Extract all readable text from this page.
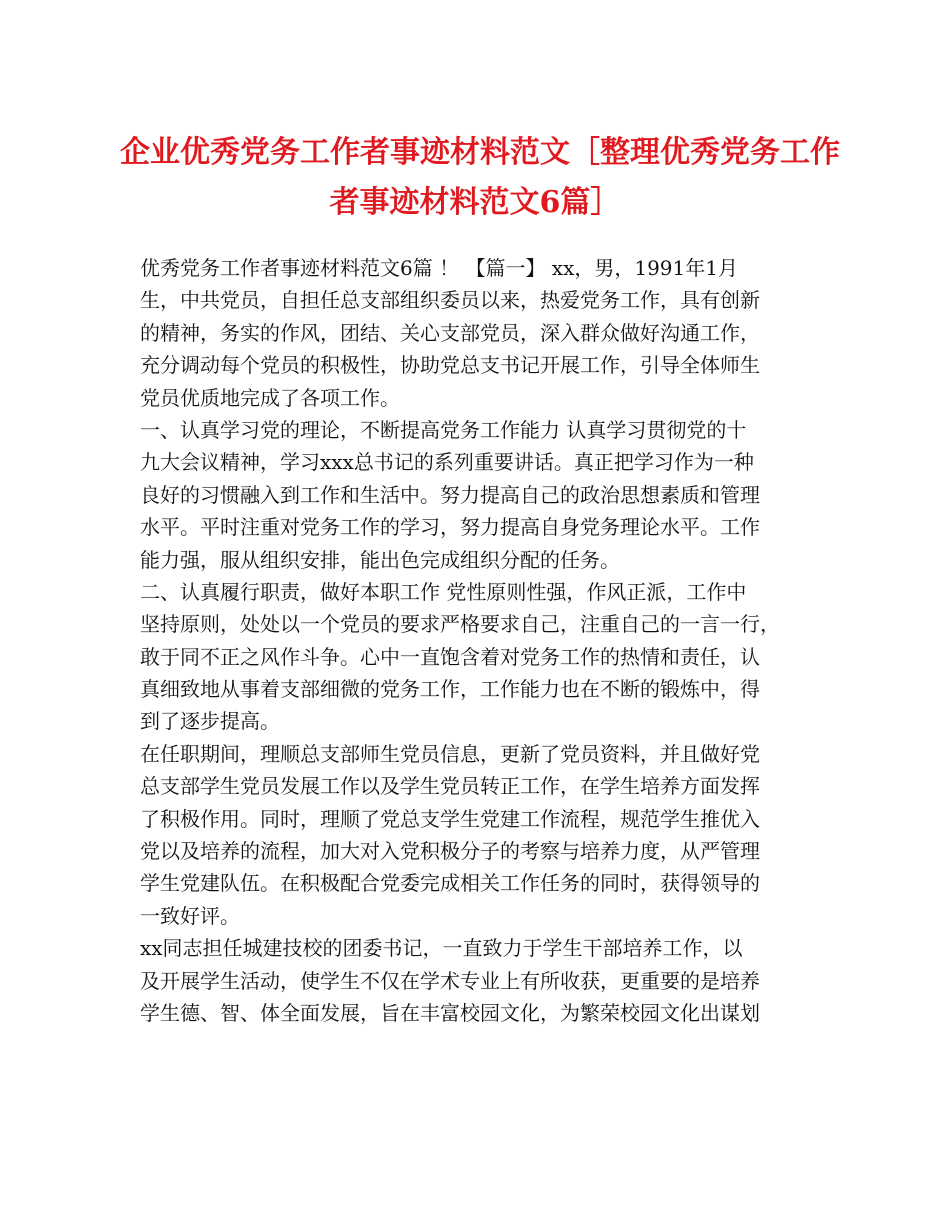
企业优秀党务工作者事迹材料范文［整理优秀党务工作
者事迹材料范文6篇］
优秀党务工作者事迹材料范文6篇 ！ 【篇一】 xx，男，1991年1月
生，中共党员，自担任总支部组织委员以来，热爱党务工作，具有创新
的精神，务实的作风，团结、关心支部党员，深入群众做好沟通工作，
充分调动每个党员的积极性，协助党总支书记开展工作，引导全体师生
党员优质地完成了各项工作。
一、认真学习党的理论，不断提高党务工作能力 认真学习贯彻党的十
九大会议精神，学习xxx总书记的系列重要讲话。真正把学习作为一种
良好的习惯融入到工作和生活中。努力提高自己的政治思想素质和管理
水平。平时注重对党务工作的学习，努力提高自身党务理论水平。工作
能力强，服从组织安排，能出色完成组织分配的任务。
二、认真履行职责，做好本职工作 党性原则性强，作风正派，工作中
坚持原则，处处以一个党员的要求严格要求自己，注重自己的一言一行，
敢于同不正之风作斗争。心中一直饱含着对党务工作的热情和责任，认
真细致地从事着支部细微的党务工作，工作能力也在不断的锻炼中，得
到了逐步提高。
在任职期间，理顺总支部师生党员信息，更新了党员资料，并且做好党
总支部学生党员发展工作以及学生党员转正工作，在学生培养方面发挥
了积极作用。同时，理顺了党总支学生党建工作流程，规范学生推优入
党以及培养的流程，加大对入党积极分子的考察与培养力度，从严管理
学生党建队伍。在积极配合党委完成相关工作任务的同时，获得领导的
一致好评。
xx同志担任城建技校的团委书记，一直致力于学生干部培养工作，以
及开展学生活动，使学生不仅在学术专业上有所收获，更重要的是培养
学生德、智、体全面发展，旨在丰富校园文化，为繁荣校园文化出谋划
